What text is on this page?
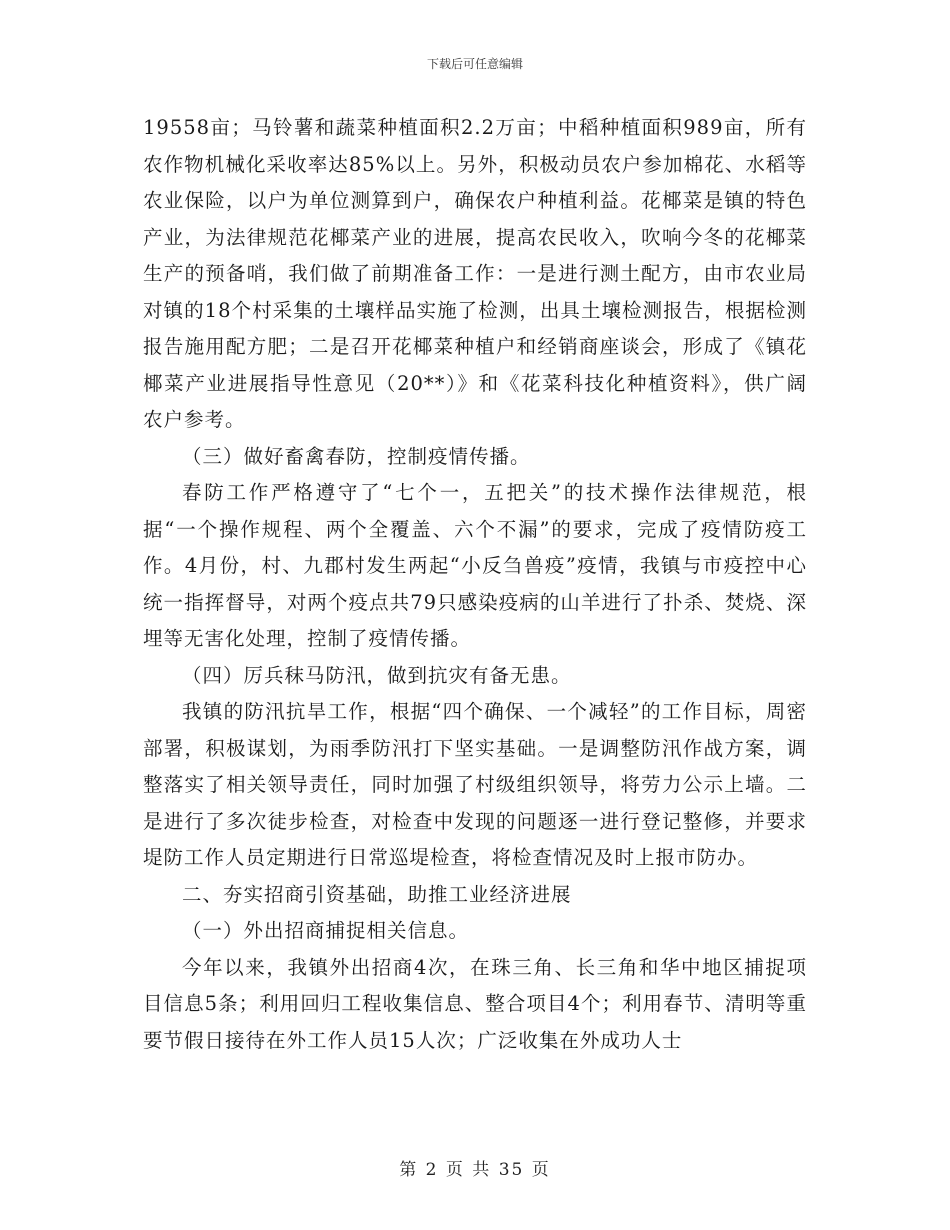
下载后可任意编辑

19558亩；马铃薯和蔬菜种植面积2.2万亩；中稻种植面积989亩，所有农作物机械化采收率达85%以上。另外，积极动员农户参加棉花、水稻等农业保险，以户为单位测算到户，确保农户种植利益。花椰菜是镇的特色产业，为法律规范花椰菜产业的进展，提高农民收入，吹响今冬的花椰菜生产的预备哨，我们做了前期准备工作：一是进行测土配方，由市农业局对镇的18个村采集的土壤样品实施了检测，出具土壤检测报告，根据检测报告施用配方肥；二是召开花椰菜种植户和经销商座谈会，形成了《镇花椰菜产业进展指导性意见（20**）》和《花菜科技化种植资料》，供广阔农户参考。

（三）做好畜禽春防，控制疫情传播。

春防工作严格遵守了“七个一，五把关”的技术操作法律规范，根据“一个操作规程、两个全覆盖、六个不漏”的要求，完成了疫情防疫工作。4月份，村、九郡村发生两起“小反刍兽疫”疫情，我镇与市疫控中心统一指挥督导，对两个疫点共79只感染疫病的山羊进行了扑杀、焚烧、深埋等无害化处理，控制了疫情传播。

（四）厉兵秣马防汛，做到抗灾有备无患。

我镇的防汛抗旱工作，根据“四个确保、一个减轻”的工作目标，周密部署，积极谋划，为雨季防汛打下坚实基础。一是调整防汛作战方案，调整落实了相关领导责任，同时加强了村级组织领导，将劳力公示上墙。二是进行了多次徒步检查，对检查中发现的问题逐一进行登记整修，并要求堤防工作人员定期进行日常巡堤检查，将检查情况及时上报市防办。

二、夯实招商引资基础，助推工业经济进展

（一）外出招商捕捉相关信息。

今年以来，我镇外出招商4次，在珠三角、长三角和华中地区捕捉项目信息5条；利用回归工程收集信息、整合项目4个；利用春节、清明等重要节假日接待在外工作人员15人次；广泛收集在外成功人士

第 2 页 共 35 页
